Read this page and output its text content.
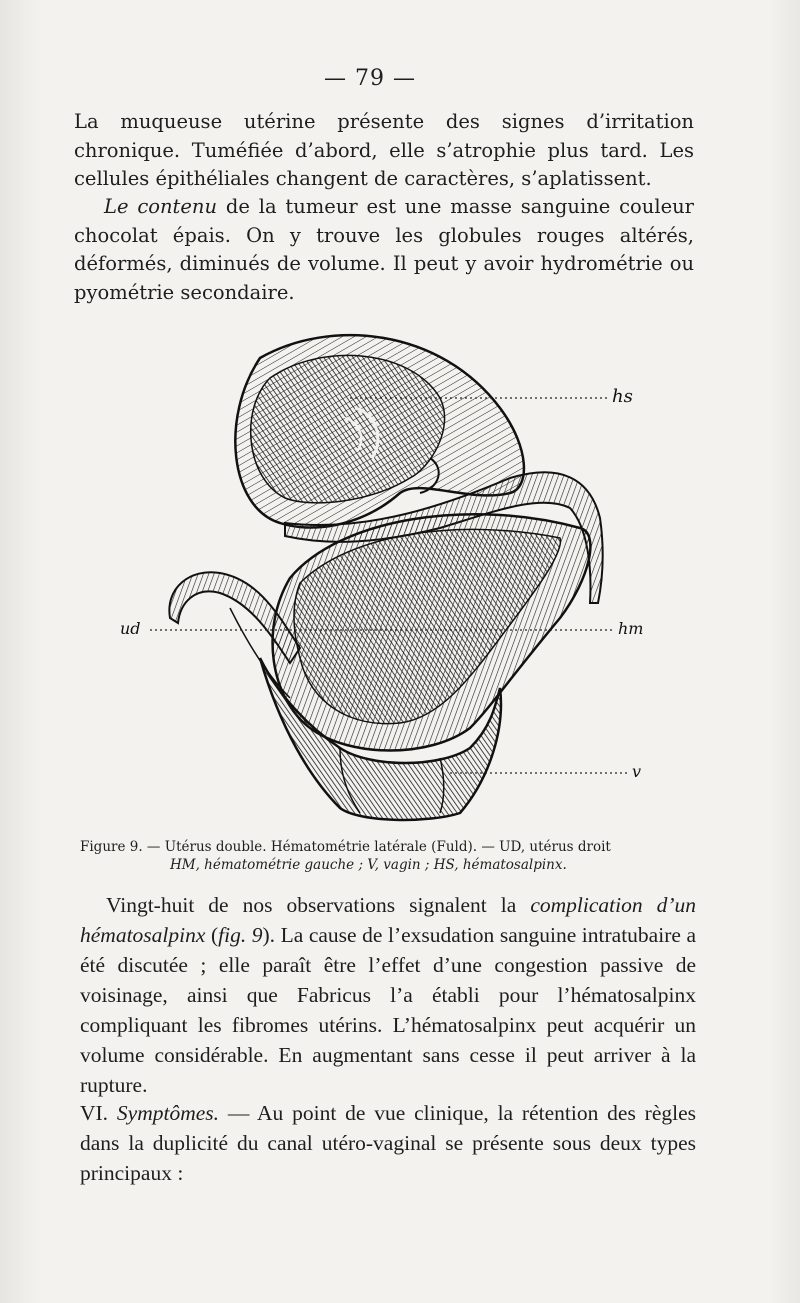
— 79 —

La muqueuse utérine présente des signes d’irritation chronique. Tuméfiée d’abord, elle s’atrophie plus tard. Les cellules épithéliales changent de caractères, s’aplatissent.

Le contenu de la tumeur est une masse sanguine couleur chocolat épais. On y trouve les globules rouges altérés, déformés, diminués de volume. Il peut y avoir hydrométrie ou pyométrie secondaire.

hs
ud	hm
v
Figure 9. — Utérus double. Hématométrie latérale (Fuld). — UD, utérus droit
HM, hématométrie gauche ; V, vagin ; HS, hématosalpinx.

Vingt-huit de nos observations signalent la complication d’un hématosalpinx (fig. 9). La cause de l’exsudation sanguine intratubaire a été discutée ; elle paraît être l’effet d’une congestion passive de voisinage, ainsi que Fabricus l’a établi pour l’hématosalpinx compliquant les fibromes utérins. L’hématosalpinx peut acquérir un volume considérable. En augmentant sans cesse il peut arriver à la rupture.

VI. Symptômes. — Au point de vue clinique, la rétention des règles dans la duplicité du canal utéro-vaginal se présente sous deux types principaux :
